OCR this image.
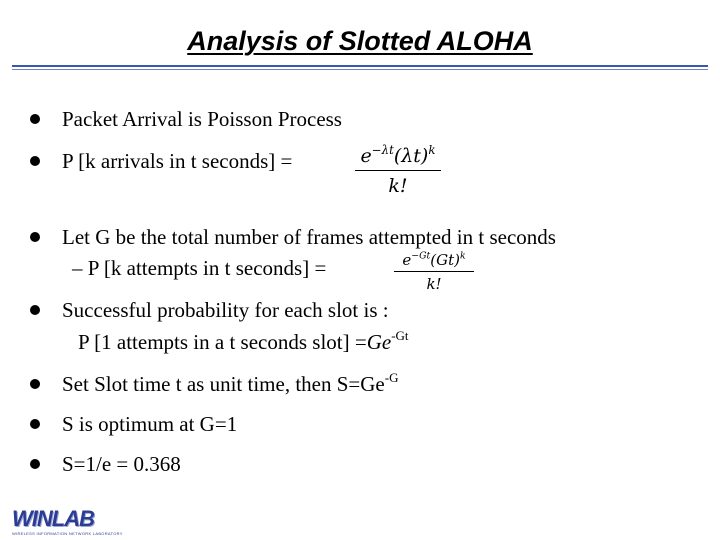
Analysis of Slotted ALOHA
Packet Arrival is Poisson Process
P [k arrivals in t seconds] =	$e^{-\lambda t}(\lambda t)^k$
k!
Let G be the total number of frames attempted in t seconds
– P [k attempts in t seconds] =	$e^{-Gt}(Gt)^k$
k!
Successful probability for each slot is :
P [1 attempts in a t seconds slot] $=Ge^{-Gt}$
Set Slot time t as unit time, then $S=Ge^{-G}$
S is optimum at G=1
S=1/e = 0.368
WINLAB
WIRELESS INFORMATION NETWORK LABORATORY
